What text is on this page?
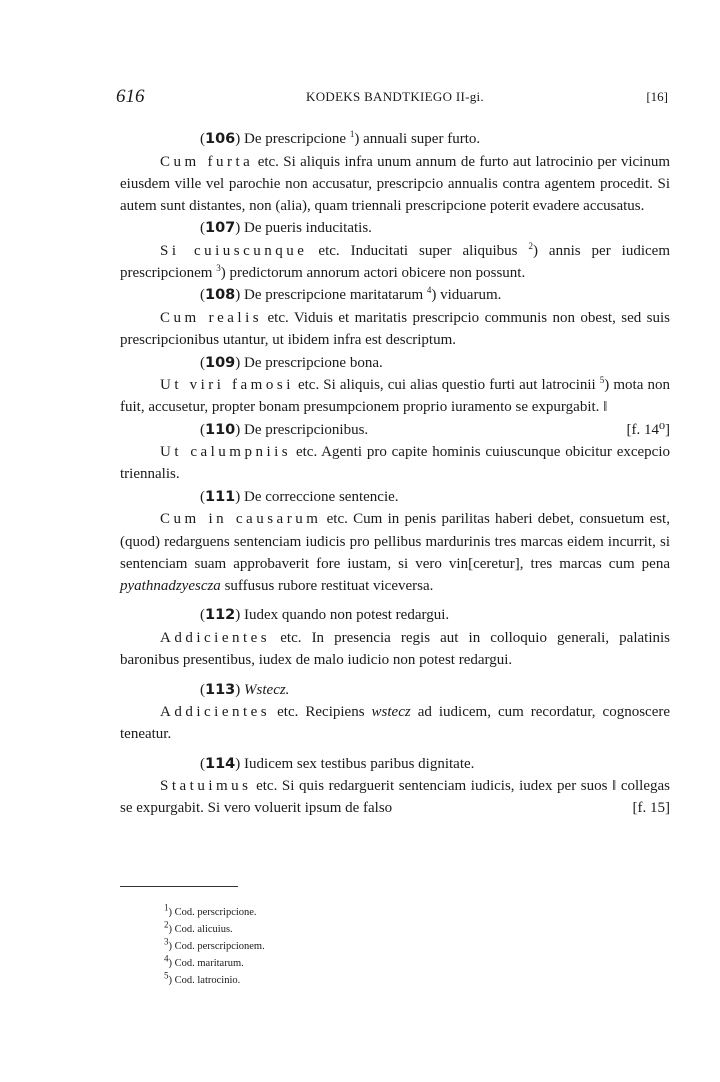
616	KODEKS BANDTKIEGO II-gi.	[16]

(106) De prescripcione $^1$) annuali super furto.

Cum furta etc. Si aliquis infra unum annum de furto aut latrocinio per vicinum eiusdem ville vel parochie non accusatur, prescripcio annualis contra agentem procedit. Si autem sunt distantes, non (alia), quam triennali prescripcione poterit evadere accusatus.

(107) De pueris inducitatis.

Si cuiuscunque etc. Inducitati super aliquibus $^2$) annis per iudicem prescripcionem $^3$) predictorum annorum actori obicere non possunt.

(108) De prescripcione maritatarum $^4$) viduarum.

Cum realis etc. Viduis et maritatis prescripcio communis non obest, sed suis prescripcionibus utantur, ut ibidem infra est descriptum.

(109) De prescripcione bona.

Ut viri famosi etc. Si aliquis, cui alias questio furti aut latrocinii $^5$) mota non fuit, accusetur, propter bonam presumpcionem proprio iuramento se expurgabit. ‖
[f. 14⁰]

(110) De prescripcionibus.

Ut calumpniis etc. Agenti pro capite hominis cuiuscunque obicitur excepcio triennalis.

(111) De correccione sentencie.

Cum in causarum etc. Cum in penis parilitas haberi debet, consuetum est, (quod) redarguens sentenciam iudicis pro pellibus mardurinis tres marcas eidem incurrit, si sentenciam suam approbaverit fore iustam, si vero vin[ceretur], tres marcas cum pena pyathnadzyescza suffusus rubore restituat viceversa.

(112) Iudex quando non potest redargui.

Addicientes etc. In presencia regis aut in colloquio generali, palatinis baronibus presentibus, iudex de malo iudicio non potest redargui.

(113) Wstecz.

Addicientes etc. Recipiens wstecz ad iudicem, cum recordatur, cognoscere teneatur.

(114) Iudicem sex testibus paribus dignitate.

Statuimus etc. Si quis redarguerit sentenciam iudicis, iudex per suos ‖ collegas se expurgabit. Si vero voluerit ipsum de falso	[f. 15]

$^1$) Cod. perscripcione.

$^2$) Cod. alicuius.

$^3$) Cod. perscripcionem.

$^4$) Cod. maritarum.

$^5$) Cod. latrocinio.
